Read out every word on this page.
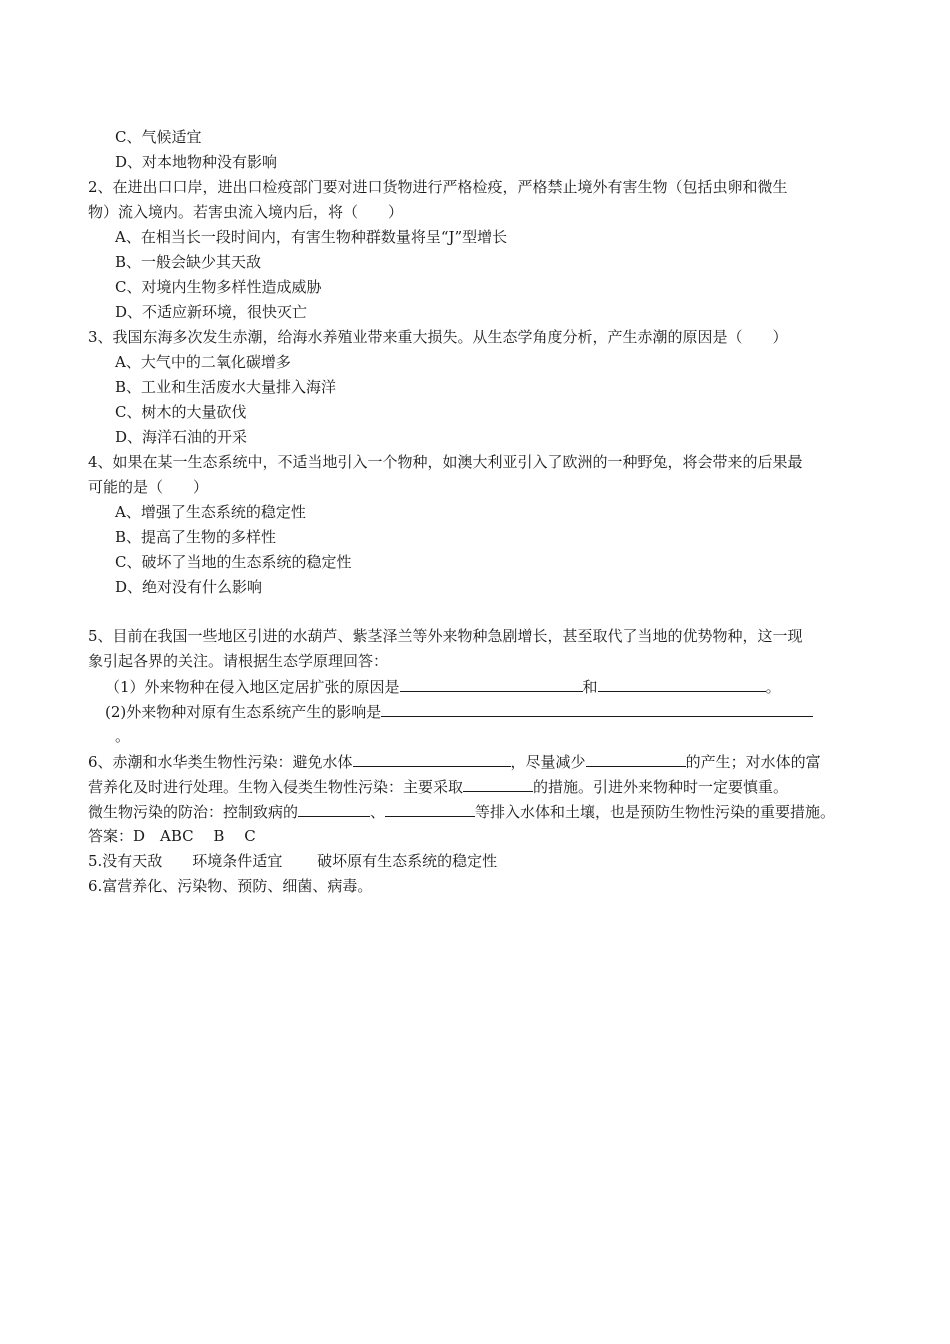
C、气候适宜
D、对本地物种没有影响
2、在进出口口岸，进出口检疫部门要对进口货物进行严格检疫，严格禁止境外有害生物（包括虫卵和微生
物）流入境内。若害虫流入境内后，将（　　）
A、在相当长一段时间内，有害生物种群数量将呈“J”型增长
B、一般会缺少其天敌
C、对境内生物多样性造成威胁
D、不适应新环境，很快灭亡
3、我国东海多次发生赤潮，给海水养殖业带来重大损失。从生态学角度分析，产生赤潮的原因是（　　）
A、大气中的二氧化碳增多
B、工业和生活废水大量排入海洋
C、树木的大量砍伐
D、海洋石油的开采
4、如果在某一生态系统中，不适当地引入一个物种，如澳大利亚引入了欧洲的一种野兔，将会带来的后果最
可能的是（　　）
A、增强了生态系统的稳定性
B、提高了生物的多样性
C、破坏了当地的生态系统的稳定性
D、绝对没有什么影响
5、目前在我国一些地区引进的水葫芦、紫茎泽兰等外来物种急剧增长，甚至取代了当地的优势物种，这一现
象引起各界的关注。请根据生态学原理回答：
（1）外来物种在侵入地区定居扩张的原因是	和	。
(2)外来物种对原有生态系统产生的影响是
。
6、赤潮和水华类生物性污染：避免水体	，尽量减少	的产生；对水体的富
营养化及时进行处理。生物入侵类生物性污染：主要采取	的措施。引进外来物种时一定要慎重。
微生物污染的防治：控制致病的	、	等排入水体和土壤，也是预防生物性污染的重要措施。
答案：D　ABC　 B　 C
5.没有天敌　　环境条件适宜　　 破坏原有生态系统的稳定性
6.富营养化、污染物、预防、细菌、病毒。
